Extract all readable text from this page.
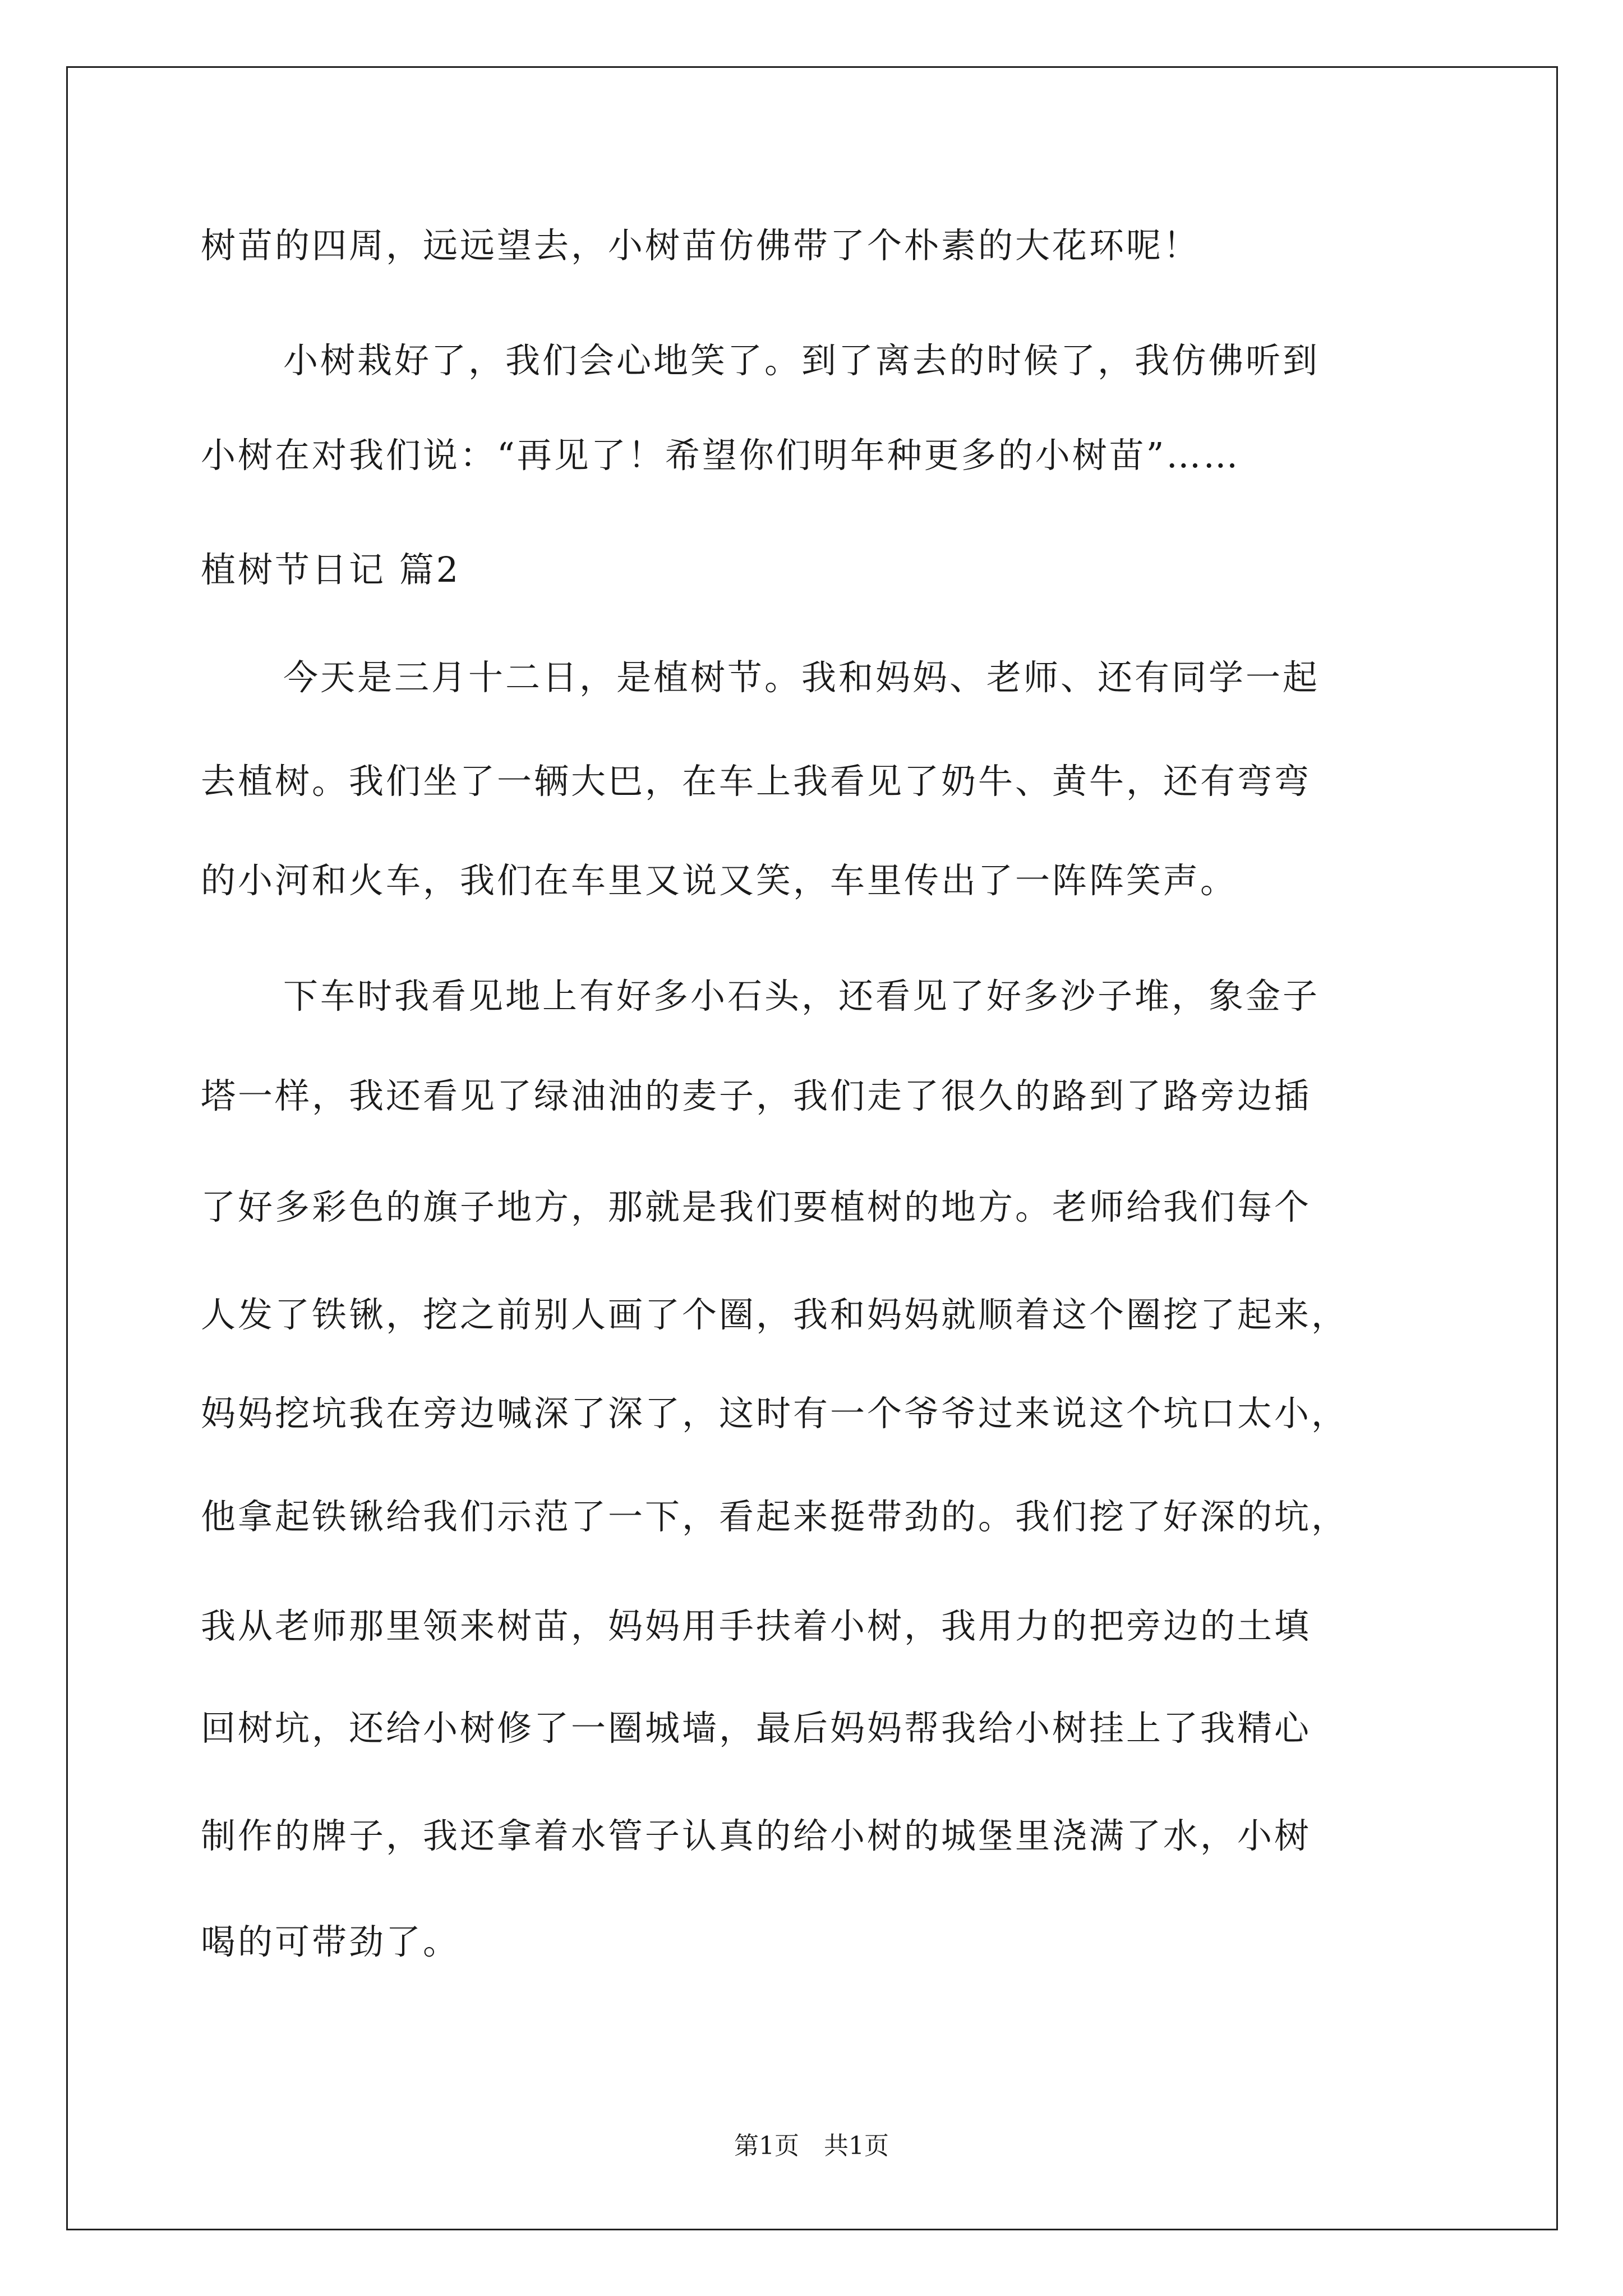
树苗的四周，远远望去，小树苗仿佛带了个朴素的大花环呢！
小树栽好了，我们会心地笑了。到了离去的时候了，我仿佛听到
小树在对我们说：“再见了！希望你们明年种更多的小树苗”……
植树节日记 篇2
今天是三月十二日，是植树节。我和妈妈、老师、还有同学一起
去植树。我们坐了一辆大巴，在车上我看见了奶牛、黄牛，还有弯弯
的小河和火车，我们在车里又说又笑，车里传出了一阵阵笑声。
下车时我看见地上有好多小石头，还看见了好多沙子堆，象金子
塔一样，我还看见了绿油油的麦子，我们走了很久的路到了路旁边插
了好多彩色的旗子地方，那就是我们要植树的地方。老师给我们每个
人发了铁锹，挖之前别人画了个圈，我和妈妈就顺着这个圈挖了起来，
妈妈挖坑我在旁边喊深了深了，这时有一个爷爷过来说这个坑口太小，
他拿起铁锹给我们示范了一下，看起来挺带劲的。我们挖了好深的坑，
我从老师那里领来树苗，妈妈用手扶着小树，我用力的把旁边的土填
回树坑，还给小树修了一圈城墙，最后妈妈帮我给小树挂上了我精心
制作的牌子，我还拿着水管子认真的给小树的城堡里浇满了水，小树
喝的可带劲了。
第1页　共1页
